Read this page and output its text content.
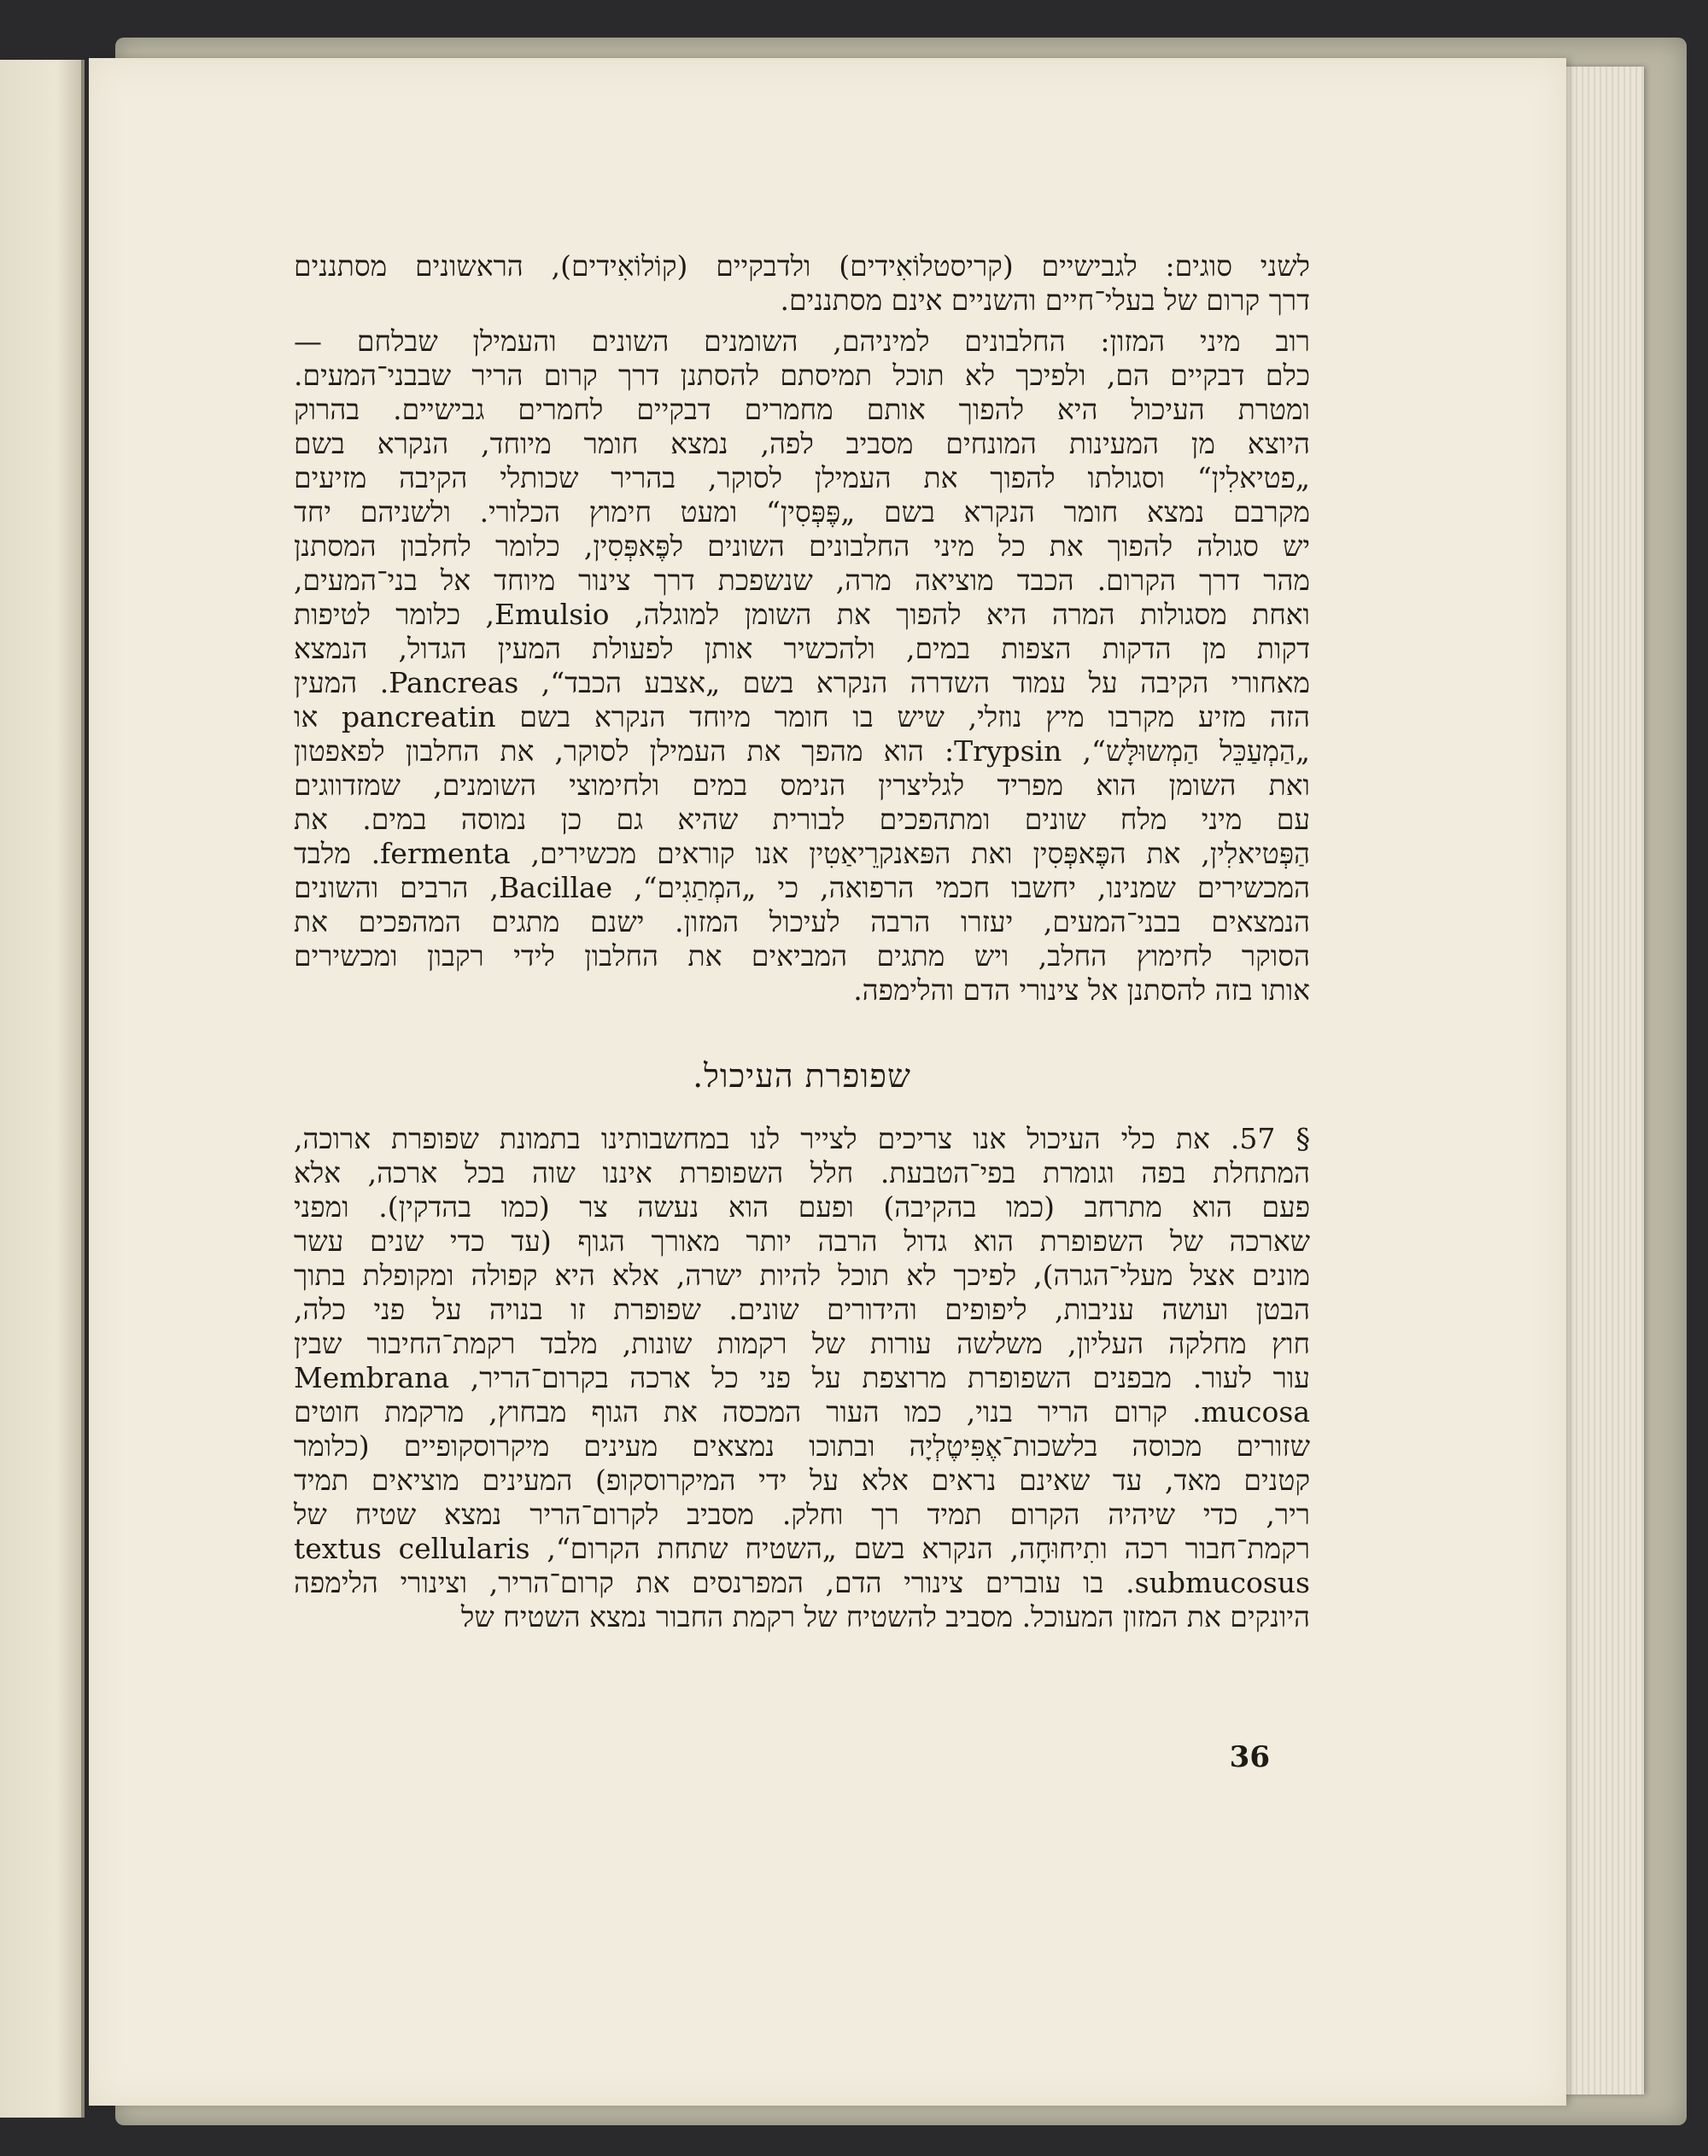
לשני סוגים: לגבישיים (קריסטלוֹאִידים) ולדבקיים (קוֹלוֹאִידים), הראשונים מסתננים
דרך קרום של בעלי־חיים והשניים אינם מסתננים.
רוב מיני המזון: החלבונים למיניהם, השומנים השונים והעמילן שבלחם —
כלם דבקיים הם, ולפיכך לא תוכל תמיסתם להסתנן דרך קרום הריר שבבני־המעים.
ומטרת העיכול היא להפוך אותם מחמרים דבקיים לחמרים גבישיים. בהרוק
היוצא מן המעינות המונחים מסביב לפה, נמצא חומר מיוחד, הנקרא בשם
„פטיאלִין“ וסגולתו להפוך את העמילן לסוקר, בהריר שכותלי הקיבה מזיעים
מקרבם נמצא חומר הנקרא בשם „פֶּפְּסִין“ ומעט חימוץ הכלורי. ולשניהם יחד
יש סגולה להפוך את כל מיני החלבונים השונים לפֶּאפְּסִין, כלומר לחלבון המסתנן
מהר דרך הקרום. הכבד מוציאה מרה, שנשפכת דרך צינור מיוחד אל בני־המעים,
ואחת מסגולות המרה היא להפוך את השומן למוגלה, Emulsio, כלומר לטיפות
דקות מן הדקות הצפות במים, ולהכשיר אותן לפעולת המעין הגדול, הנמצא
מאחורי הקיבה על עמוד השדרה הנקרא בשם „אצבע הכבד“, Pancreas. המעין
הזה מזיע מקרבו מיץ נוזלי, שיש בו חומר מיוחד הנקרא בשם pancreatin או
„הַמְעַכֵּל הַמְשוּלָּש“, Trypsin: הוא מהפך את העמילן לסוקר, את החלבון לפאפטון
ואת השומן הוא מפריד לגליצרין הנימס במים ולחימוצי השומנים, שמזדווגים
עם מיני מלח שונים ומתהפכים לבורית שהיא גם כן נמוסה במים. את
הַפְּטיאלִין, את הפֶּאפְּסִין ואת הפּאנקרֵיאַטִין אנו קוראים מכשירים, fermenta. מלבד
המכשירים שמנינו, יחשבו חכמי הרפואה, כי „המְתַגִים“, Bacillae, הרבים והשונים
הנמצאים בבני־המעים, יעזרו הרבה לעיכול המזון. ישנם מתגים המהפכים את
הסוקר לחימוץ החלב, ויש מתגים המביאים את החלבון לידי רקבון ומכשירים
אותו בזה להסתנן אל צינורי הדם והלימפה.
שפופרת העיכול.
§ 57. את כלי העיכול אנו צריכים לצייר לנו במחשבותינו בתמונת שפופרת ארוכה,
המתחלת בפה וגומרת בפי־הטבעת. חלל השפופרת איננו שוה בכל ארכה, אלא
פעם הוא מתרחב (כמו בהקיבה) ופעם הוא נעשה צר (כמו בהדקין). ומפני
שארכה של השפופרת הוא גדול הרבה יותר מאורך הגוף (עד כדי שנים עשר
מונים אצל מעלי־הגרה), לפיכך לא תוכל להיות ישרה, אלא היא קפולה ומקופלת בתוך
הבטן ועושה עניבות, ליפופים והידורים שונים. שפופרת זו בנויה על פני כלה,
חוץ מחלקה העליון, משלשה עורות של רקמות שונות, מלבד רקמת־החיבור שבין
עור לעור. מבפנים השפופרת מרוצפת על פני כל ארכה בקרום־הריר, Membrana
mucosa. קרום הריר בנוי, כמו העור המכסה את הגוף מבחוץ, מרקמת חוטים
שזורים מכוסה בלשכות־אֶפִּיטֶלְיָה ובתוכו נמצאים מעינים מיקרוסקופיים (כלומר
קטנים מאד, עד שאינם נראים אלא על ידי המיקרוסקופ) המעינים מוציאים תמיד
ריר, כדי שיהיה הקרום תמיד רך וחלק. מסביב לקרום־הריר נמצא שטיח של
רקמת־חבור רכה ותִיחוּחָה, הנקרא בשם „השטיח שתחת הקרום“, textus cellularis
submucosus. בו עוברים צינורי הדם, המפרנסים את קרום־הריר, וצינורי הלימפה
היונקים את המזון המעוכל. מסביב להשטיח של רקמת החבור נמצא השטיח של
36
